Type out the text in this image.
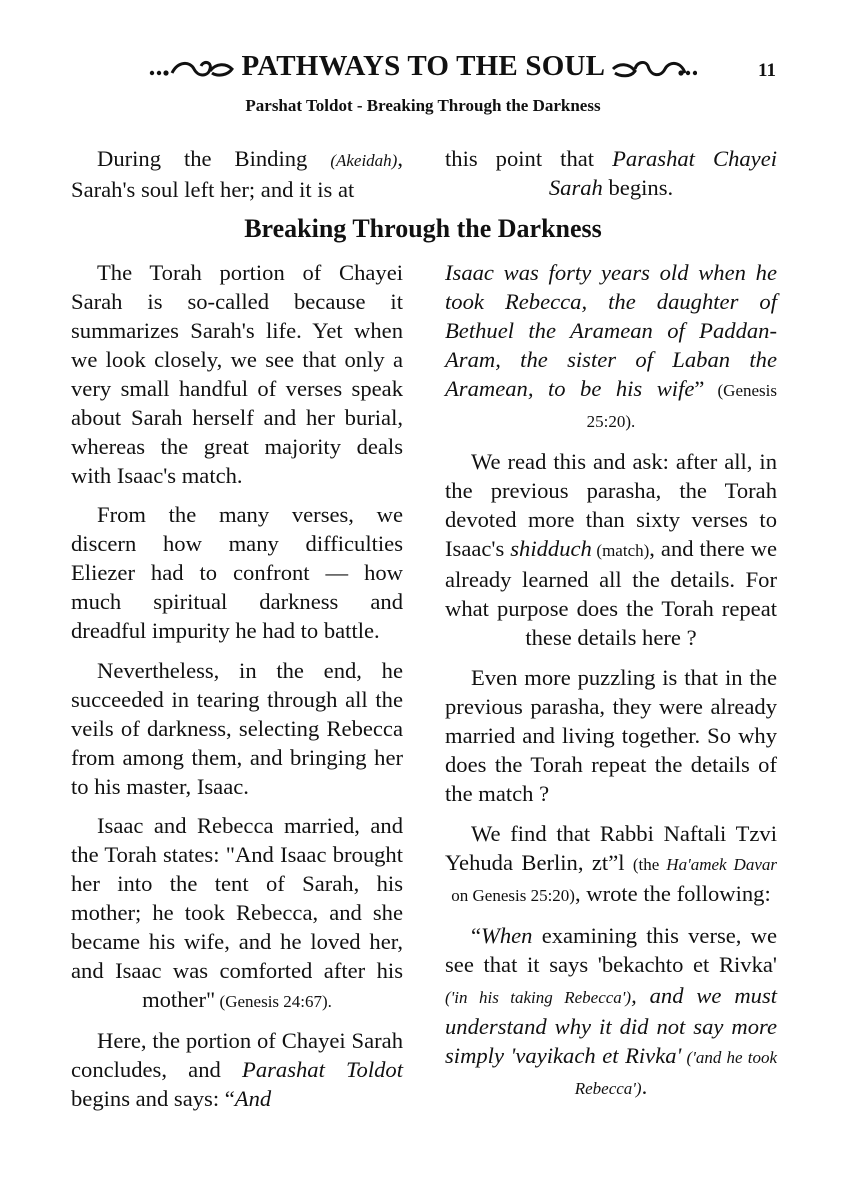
PATHWAYS TO THE SOUL	11
Parshat Toldot - Breaking Through the Darkness

During the Binding (Akeidah), Sarah's soul left her; and it is at

this point that Parashat Chayei Sarah begins.

Breaking Through the Darkness

The Torah portion of Chayei Sarah is so-called because it summarizes Sarah's life. Yet when we look closely, we see that only a very small handful of verses speak about Sarah herself and her burial, whereas the great majority deals with Isaac's match.

From the many verses, we discern how many difficulties Eliezer had to confront — how much spiritual darkness and dreadful impurity he had to battle.

Nevertheless, in the end, he succeeded in tearing through all the veils of darkness, selecting Rebecca from among them, and bringing her to his master, Isaac.

Isaac and Rebecca married, and the Torah states: "And Isaac brought her into the tent of Sarah, his mother; he took Rebecca, and she became his wife, and he loved her, and Isaac was comforted after his mother" (Genesis 24:67).

Here, the portion of Chayei Sarah concludes, and Parashat Toldot begins and says: “And

Isaac was forty years old when he took Rebecca, the daughter of Bethuel the Aramean of Paddan-Aram, the sister of Laban the Aramean, to be his wife” (Genesis 25:20).

We read this and ask: after all, in the previous parasha, the Torah devoted more than sixty verses to Isaac's shidduch (match), and there we already learned all the details. For what purpose does the Torah repeat these details here ?

Even more puzzling is that in the previous parasha, they were already married and living together. So why does the Torah repeat the details of the match ?

We find that Rabbi Naftali Tzvi Yehuda Berlin, zt”l (the Ha'amek Davar on Genesis 25:20), wrote the following:

“When examining this verse, we see that it says 'bekachto et Rivka' ('in his taking Rebecca'), and we must understand why it did not say more simply 'vayikach et Rivka' ('and he took Rebecca').
